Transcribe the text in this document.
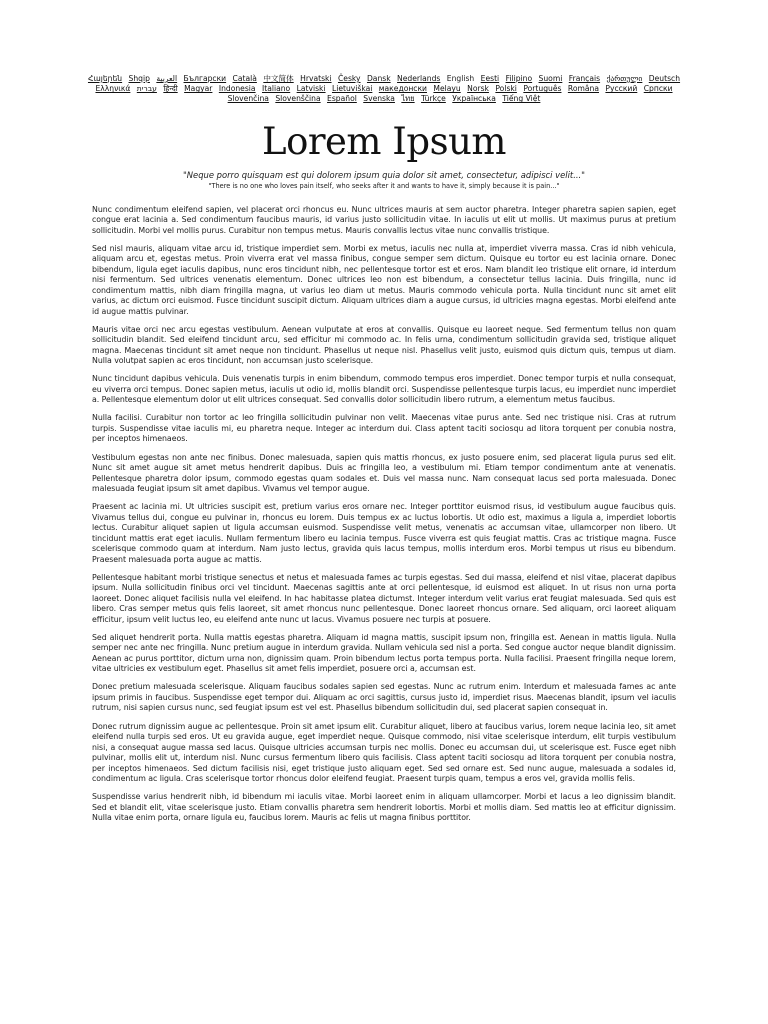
Հայերեն Shqip العربية Български Català 中文简体 Hrvatski Česky Dansk Nederlands English Eesti Filipino Suomi Français ქართული Deutsch Ελληνικά עברית हिन्दी Magyar Indonesia Italiano Latviski Lietuviškai македонски Melayu Norsk Polski Português Româna Pyccкий Српски Slovenčina Slovenščina Español Svenska ไทย Türkçe Українська Tiếng Việt
Lorem Ipsum

"Neque porro quisquam est qui dolorem ipsum quia dolor sit amet, consectetur, adipisci velit..."

"There is no one who loves pain itself, who seeks after it and wants to have it, simply because it is pain..."

Nunc condimentum eleifend sapien, vel placerat orci rhoncus eu. Nunc ultrices mauris at sem auctor pharetra. Integer pharetra sapien sapien, eget congue erat lacinia a. Sed condimentum faucibus mauris, id varius justo sollicitudin vitae. In iaculis ut elit ut mollis. Ut maximus purus at pretium sollicitudin. Morbi vel mollis purus. Curabitur non tempus metus. Mauris convallis lectus vitae nunc convallis tristique.

Sed nisl mauris, aliquam vitae arcu id, tristique imperdiet sem. Morbi ex metus, iaculis nec nulla at, imperdiet viverra massa. Cras id nibh vehicula, aliquam arcu et, egestas metus. Proin viverra erat vel massa finibus, congue semper sem dictum. Quisque eu tortor eu est lacinia ornare. Donec bibendum, ligula eget iaculis dapibus, nunc eros tincidunt nibh, nec pellentesque tortor est et eros. Nam blandit leo tristique elit ornare, id interdum nisi fermentum. Sed ultrices venenatis elementum. Donec ultrices leo non est bibendum, a consectetur tellus lacinia. Duis fringilla, nunc id condimentum mattis, nibh diam fringilla magna, ut varius leo diam ut metus. Mauris commodo vehicula porta. Nulla tincidunt nunc sit amet elit varius, ac dictum orci euismod. Fusce tincidunt suscipit dictum. Aliquam ultrices diam a augue cursus, id ultricies magna egestas. Morbi eleifend ante id augue mattis pulvinar.

Mauris vitae orci nec arcu egestas vestibulum. Aenean vulputate at eros at convallis. Quisque eu laoreet neque. Sed fermentum tellus non quam sollicitudin blandit. Sed eleifend tincidunt arcu, sed efficitur mi commodo ac. In felis urna, condimentum sollicitudin gravida sed, tristique aliquet magna. Maecenas tincidunt sit amet neque non tincidunt. Phasellus ut neque nisl. Phasellus velit justo, euismod quis dictum quis, tempus ut diam. Nulla volutpat sapien ac eros tincidunt, non accumsan justo scelerisque.

Nunc tincidunt dapibus vehicula. Duis venenatis turpis in enim bibendum, commodo tempus eros imperdiet. Donec tempor turpis et nulla consequat, eu viverra orci tempus. Donec sapien metus, iaculis ut odio id, mollis blandit orci. Suspendisse pellentesque turpis lacus, eu imperdiet nunc imperdiet a. Pellentesque elementum dolor ut elit ultrices consequat. Sed convallis dolor sollicitudin libero rutrum, a elementum metus faucibus.

Nulla facilisi. Curabitur non tortor ac leo fringilla sollicitudin pulvinar non velit. Maecenas vitae purus ante. Sed nec tristique nisi. Cras at rutrum turpis. Suspendisse vitae iaculis mi, eu pharetra neque. Integer ac interdum dui. Class aptent taciti sociosqu ad litora torquent per conubia nostra, per inceptos himenaeos.

Vestibulum egestas non ante nec finibus. Donec malesuada, sapien quis mattis rhoncus, ex justo posuere enim, sed placerat ligula purus sed elit. Nunc sit amet augue sit amet metus hendrerit dapibus. Duis ac fringilla leo, a vestibulum mi. Etiam tempor condimentum ante at venenatis. Pellentesque pharetra dolor ipsum, commodo egestas quam sodales et. Duis vel massa nunc. Nam consequat lacus sed porta malesuada. Donec malesuada feugiat ipsum sit amet dapibus. Vivamus vel tempor augue.

Praesent ac lacinia mi. Ut ultricies suscipit est, pretium varius eros ornare nec. Integer porttitor euismod risus, id vestibulum augue faucibus quis. Vivamus tellus dui, congue eu pulvinar in, rhoncus eu lorem. Duis tempus ex ac luctus lobortis. Ut odio est, maximus a ligula a, imperdiet lobortis lectus. Curabitur aliquet sapien ut ligula accumsan euismod. Suspendisse velit metus, venenatis ac accumsan vitae, ullamcorper non libero. Ut tincidunt mattis erat eget iaculis. Nullam fermentum libero eu lacinia tempus. Fusce viverra est quis feugiat mattis. Cras ac tristique magna. Fusce scelerisque commodo quam at interdum. Nam justo lectus, gravida quis lacus tempus, mollis interdum eros. Morbi tempus ut risus eu bibendum. Praesent malesuada porta augue ac mattis.

Pellentesque habitant morbi tristique senectus et netus et malesuada fames ac turpis egestas. Sed dui massa, eleifend et nisl vitae, placerat dapibus ipsum. Nulla sollicitudin finibus orci vel tincidunt. Maecenas sagittis ante at orci pellentesque, id euismod est aliquet. In ut risus non urna porta laoreet. Donec aliquet facilisis nulla vel eleifend. In hac habitasse platea dictumst. Integer interdum velit varius erat feugiat malesuada. Sed quis est libero. Cras semper metus quis felis laoreet, sit amet rhoncus nunc pellentesque. Donec laoreet rhoncus ornare. Sed aliquam, orci laoreet aliquam efficitur, ipsum velit luctus leo, eu eleifend ante nunc ut lacus. Vivamus posuere nec turpis at posuere.

Sed aliquet hendrerit porta. Nulla mattis egestas pharetra. Aliquam id magna mattis, suscipit ipsum non, fringilla est. Aenean in mattis ligula. Nulla semper nec ante nec fringilla. Nunc pretium augue in interdum gravida. Nullam vehicula sed nisl a porta. Sed congue auctor neque blandit dignissim. Aenean ac purus porttitor, dictum urna non, dignissim quam. Proin bibendum lectus porta tempus porta. Nulla facilisi. Praesent fringilla neque lorem, vitae ultricies ex vestibulum eget. Phasellus sit amet felis imperdiet, posuere orci a, accumsan est.

Donec pretium malesuada scelerisque. Aliquam faucibus sodales sapien sed egestas. Nunc ac rutrum enim. Interdum et malesuada fames ac ante ipsum primis in faucibus. Suspendisse eget tempor dui. Aliquam ac orci sagittis, cursus justo id, imperdiet risus. Maecenas blandit, ipsum vel iaculis rutrum, nisi sapien cursus nunc, sed feugiat ipsum est vel est. Phasellus bibendum sollicitudin dui, sed placerat sapien consequat in.

Donec rutrum dignissim augue ac pellentesque. Proin sit amet ipsum elit. Curabitur aliquet, libero at faucibus varius, lorem neque lacinia leo, sit amet eleifend nulla turpis sed eros. Ut eu gravida augue, eget imperdiet neque. Quisque commodo, nisi vitae scelerisque interdum, elit turpis vestibulum nisi, a consequat augue massa sed lacus. Quisque ultricies accumsan turpis nec mollis. Donec eu accumsan dui, ut scelerisque est. Fusce eget nibh pulvinar, mollis elit ut, interdum nisl. Nunc cursus fermentum libero quis facilisis. Class aptent taciti sociosqu ad litora torquent per conubia nostra, per inceptos himenaeos. Sed dictum facilisis nisi, eget tristique justo aliquam eget. Sed sed ornare est. Sed nunc augue, malesuada a sodales id, condimentum ac ligula. Cras scelerisque tortor rhoncus dolor eleifend feugiat. Praesent turpis quam, tempus a eros vel, gravida mollis felis.

Suspendisse varius hendrerit nibh, id bibendum mi iaculis vitae. Morbi laoreet enim in aliquam ullamcorper. Morbi et lacus a leo dignissim blandit. Sed et blandit elit, vitae scelerisque justo. Etiam convallis pharetra sem hendrerit lobortis. Morbi et mollis diam. Sed mattis leo at efficitur dignissim. Nulla vitae enim porta, ornare ligula eu, faucibus lorem. Mauris ac felis ut magna finibus porttitor.
